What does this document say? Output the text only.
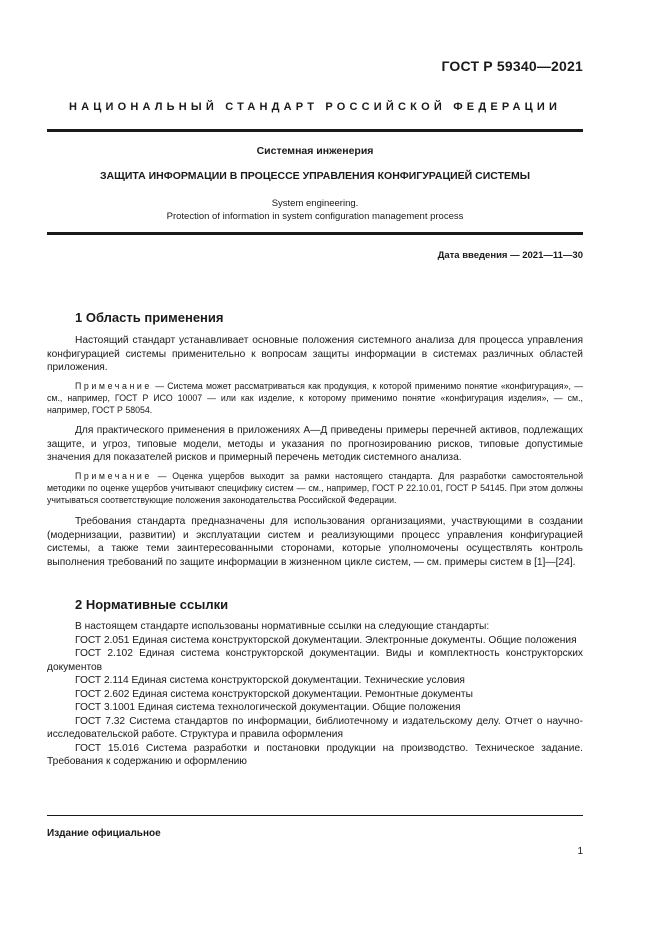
ГОСТ Р 59340—2021
НАЦИОНАЛЬНЫЙ СТАНДАРТ РОССИЙСКОЙ ФЕДЕРАЦИИ
Системная инженерия
ЗАЩИТА ИНФОРМАЦИИ В ПРОЦЕССЕ УПРАВЛЕНИЯ КОНФИГУРАЦИЕЙ СИСТЕМЫ
System engineering.
Protection of information in system configuration management process
Дата введения — 2021—11—30
1 Область применения
Настоящий стандарт устанавливает основные положения системного анализа для процесса управления конфигурацией системы применительно к вопросам защиты информации в системах различных областей приложения.
Примечание — Система может рассматриваться как продукция, к которой применимо понятие «конфигурация», — см., например, ГОСТ Р ИСО 10007 — или как изделие, к которому применимо понятие «конфигурация изделия», — см., например, ГОСТ Р 58054.
Для практического применения в приложениях А—Д приведены примеры перечней активов, подлежащих защите, и угроз, типовые модели, методы и указания по прогнозированию рисков, типовые допустимые значения для показателей рисков и примерный перечень методик системного анализа.
Примечание — Оценка ущербов выходит за рамки настоящего стандарта. Для разработки самостоятельной методики по оценке ущербов учитывают специфику систем — см., например, ГОСТ Р 22.10.01, ГОСТ Р 54145. При этом должны учитываться соответствующие положения законодательства Российской Федерации.
Требования стандарта предназначены для использования организациями, участвующими в создании (модернизации, развитии) и эксплуатации систем и реализующими процесс управления конфигурацией системы, а также теми заинтересованными сторонами, которые уполномочены осуществлять контроль выполнения требований по защите информации в жизненном цикле систем, — см. примеры систем в [1]—[24].
2 Нормативные ссылки

В настоящем стандарте использованы нормативные ссылки на следующие стандарты:

ГОСТ 2.051 Единая система конструкторской документации. Электронные документы. Общие положения

ГОСТ 2.102 Единая система конструкторской документации. Виды и комплектность конструкторских документов

ГОСТ 2.114 Единая система конструкторской документации. Технические условия

ГОСТ 2.602 Единая система конструкторской документации. Ремонтные документы

ГОСТ 3.1001 Единая система технологической документации. Общие положения

ГОСТ 7.32 Система стандартов по информации, библиотечному и издательскому делу. Отчет о научно-исследовательской работе. Структура и правила оформления

ГОСТ 15.016 Система разработки и постановки продукции на производство. Техническое задание. Требования к содержанию и оформлению

Издание официальное
1
